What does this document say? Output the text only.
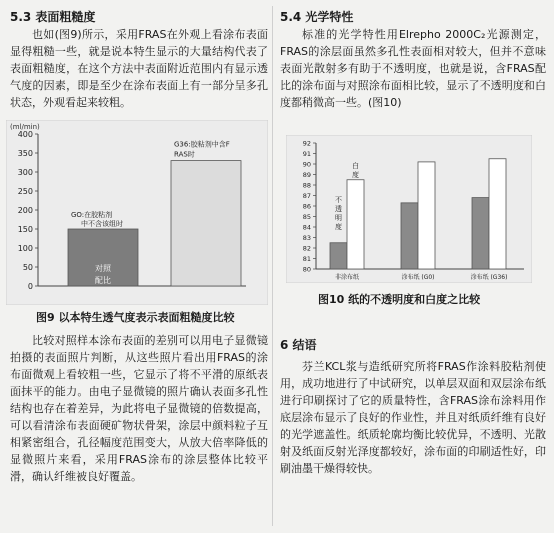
5.3 表面粗糙度

也如(图9)所示，采用FRAS在外观上看涂布表面显得粗糙一些，就是说本特生显示的大量结构代表了表面粗糙度，在这个方法中表面附近范围内有显示透气度的因素，即是至少在涂布表面上有一部分呈多孔状态，外观看起来较粗。

(ml/min)
0
50
100
150
200
250
300
350
400
GO:在胶粘剂
中不含该组时
对照
配比
G36:胶粘剂中含F
RAS时
图9 以本特生透气度表示表面粗糙度比较

比较对照样本涂布表面的差别可以用电子显微镜拍摄的表面照片判断，从这些照片看出用FRAS的涂布面微观上看较粗一些，它显示了将不平滑的原纸表面抹平的能力。由电子显微镜的照片确认表面多孔性结构也存在着差异，为此将电子显微镜的倍数提高，可以看清涂布表面硬矿物状骨架，涂层中颜料粒子互相紧密组合，孔径幅度范围变大，从放大倍率降低的显微照片来看，采用FRAS涂布的涂层整体比较平滑，确认纤维被良好覆盖。

5.4 光学特性

标准的光学特性用Elrepho 2000C₂光源测定，FRAS的涂层面虽然多孔性表面相对较大，但并不意味表面光散射多有助于不透明度，也就是说，含FRAS配比的涂布面与对照涂布面相比较，显示了不透明度和白度都稍微高一些。(图10)

80
81
82
83
84
85
86
87
88
89
90
91
92
非涂布纸	涂布纸 (G0)	涂布纸 (G36)
不
透
明
度
白
度
图10 纸的不透明度和白度之比较
6 结语

芬兰KCL浆与造纸研究所将FRAS作涂料胶粘剂使用，成功地进行了中试研究，以单层双面和双层涂布纸进行印刷探讨了它的质量特性，含FRAS涂布涂料用作底层涂布显示了良好的作业性，并且对纸质纤维有良好的光学遮盖性。纸质轮廓均衡比较优异，不透明、光散射及纸面反射光泽度都较好，涂布面的印刷适性好，印刷油墨干燥得较快。
